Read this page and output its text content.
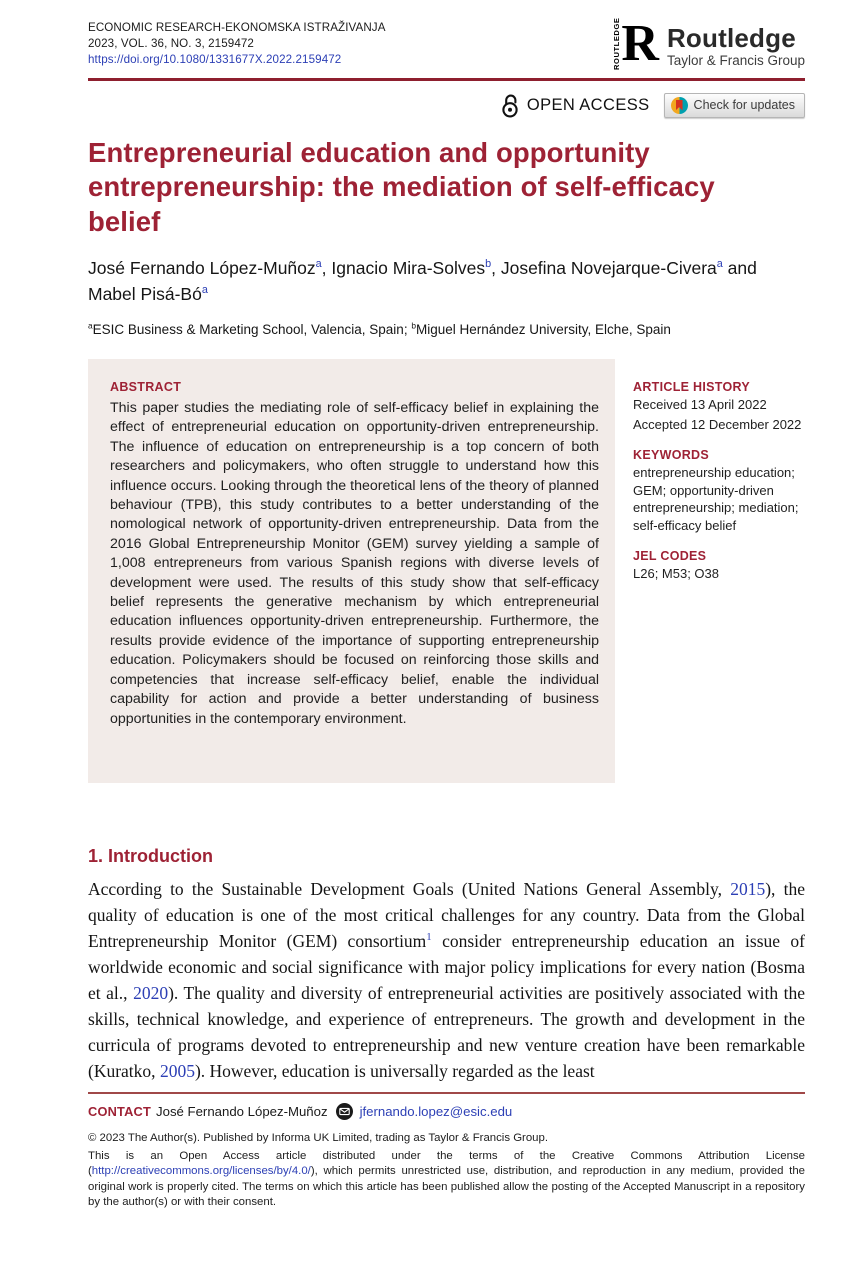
ECONOMIC RESEARCH-EKONOMSKA ISTRAŽIVANJA
2023, VOL. 36, NO. 3, 2159472
https://doi.org/10.1080/1331677X.2022.2159472	ROUTLEDGE R Routledge
Taylor & Francis Group
OPEN ACCESS	Check for updates
Entrepreneurial education and opportunity entrepreneurship: the mediation of self-efficacy belief
José Fernando López-Muñoz$^a$, Ignacio Mira-Solves$^b$, Josefina Novejarque-Civera$^a$ and Mabel Pisá-$Bó^a$
$^a$ESIC Business & Marketing School, Valencia, Spain; $^b$Miguel Hernández University, Elche, Spain
ABSTRACT

This paper studies the mediating role of self-efficacy belief in explaining the effect of entrepreneurial education on opportunity-driven entrepreneurship. The influence of education on entrepreneurship is a top concern of both researchers and policymakers, who often struggle to understand how this influence occurs. Looking through the theoretical lens of the theory of planned behaviour (TPB), this study contributes to a better understanding of the nomological network of opportunity-driven entrepreneurship. Data from the 2016 Global Entrepreneurship Monitor (GEM) survey yielding a sample of 1,008 entrepreneurs from various Spanish regions with diverse levels of development were used. The results of this study show that self-efficacy belief represents the generative mechanism by which entrepreneurial education influences opportunity-driven entrepreneurship. Furthermore, the results provide evidence of the importance of supporting entrepreneurship education. Policymakers should be focused on reinforcing those skills and competencies that increase self-efficacy belief, enable the individual capability for action and provide a better understanding of business opportunities in the contemporary environment.

ARTICLE HISTORY
Received 13 April 2022
Accepted 12 December 2022
KEYWORDS
entrepreneurship education; GEM; opportunity-driven entrepreneurship; mediation; self-efficacy belief
JEL CODES
L26; M53; O38
1. Introduction

According to the Sustainable Development Goals (United Nations General Assembly, 2015), the quality of education is one of the most critical challenges for any country. Data from the Global Entrepreneurship Monitor (GEM) consortium$^1$ consider entrepreneurship education an issue of worldwide economic and social significance with major policy implications for every nation (Bosma et al., 2020). The quality and diversity of entrepreneurial activities are positively associated with the skills, technical knowledge, and experience of entrepreneurs. The growth and development in the curricula of programs devoted to entrepreneurship and new venture creation have been remarkable (Kuratko, 2005). However, education is universally regarded as the least

CONTACT José Fernando López-Muñoz jfernando.lopez@esic.edu

© 2023 The Author(s). Published by Informa UK Limited, trading as Taylor & Francis Group.

This is an Open Access article distributed under the terms of the Creative Commons Attribution License (http://creativecommons.org/licenses/by/4.0/), which permits unrestricted use, distribution, and reproduction in any medium, provided the original work is properly cited. The terms on which this article has been published allow the posting of the Accepted Manuscript in a repository by the author(s) or with their consent.
